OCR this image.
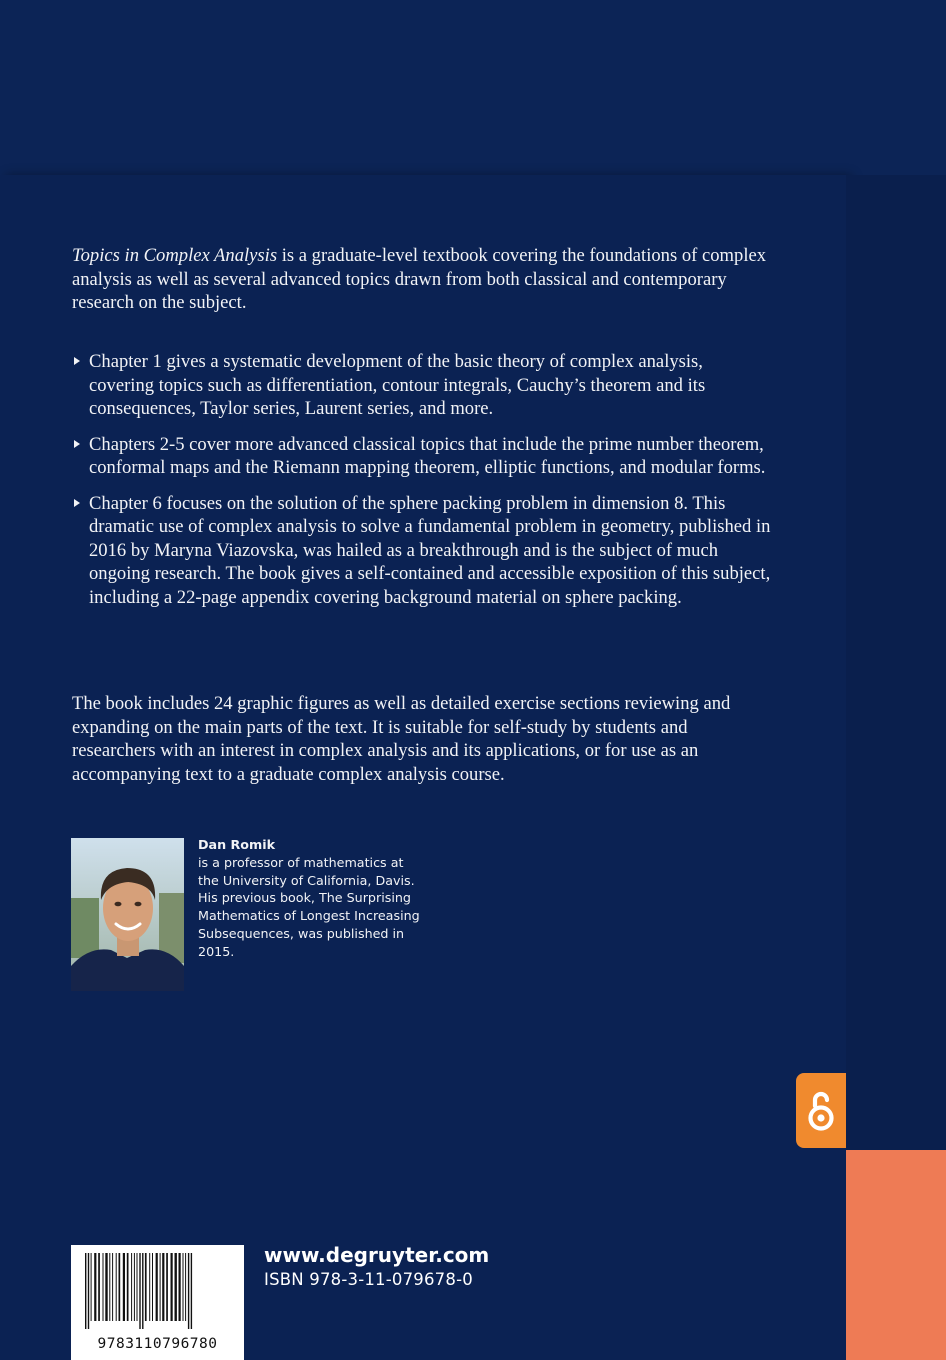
Topics in Complex Analysis is a graduate-level textbook covering the foundations of complex analysis as well as several advanced topics drawn from both classical and contemporary research on the subject.
Chapter 1 gives a systematic development of the basic theory of complex analysis, covering topics such as differentiation, contour integrals, Cauchy’s theorem and its consequences, Taylor series, Laurent series, and more.
Chapters 2-5 cover more advanced classical topics that include the prime number theorem, conformal maps and the Riemann mapping theorem, elliptic functions, and modular forms.
Chapter 6 focuses on the solution of the sphere packing problem in dimension 8. This dramatic use of complex analysis to solve a fundamental problem in geometry, published in 2016 by Maryna Viazovska, was hailed as a breakthrough and is the subject of much ongoing research. The book gives a self-contained and accessible exposition of this subject, including a 22-page appendix covering background material on sphere packing.
The book includes 24 graphic figures as well as detailed exercise sections reviewing and expanding on the main parts of the text. It is suitable for self-study by students and researchers with an interest in complex analysis and its applications, or for use as an accompanying text to a graduate complex analysis course.
Dan Romik
is a professor of mathematics at the University of California, Davis. His previous book, The Surprising Mathematics of Longest Increasing Subsequences, was published in 2015.
9783110796780
www.degruyter.com
ISBN 978-3-11-079678-0
